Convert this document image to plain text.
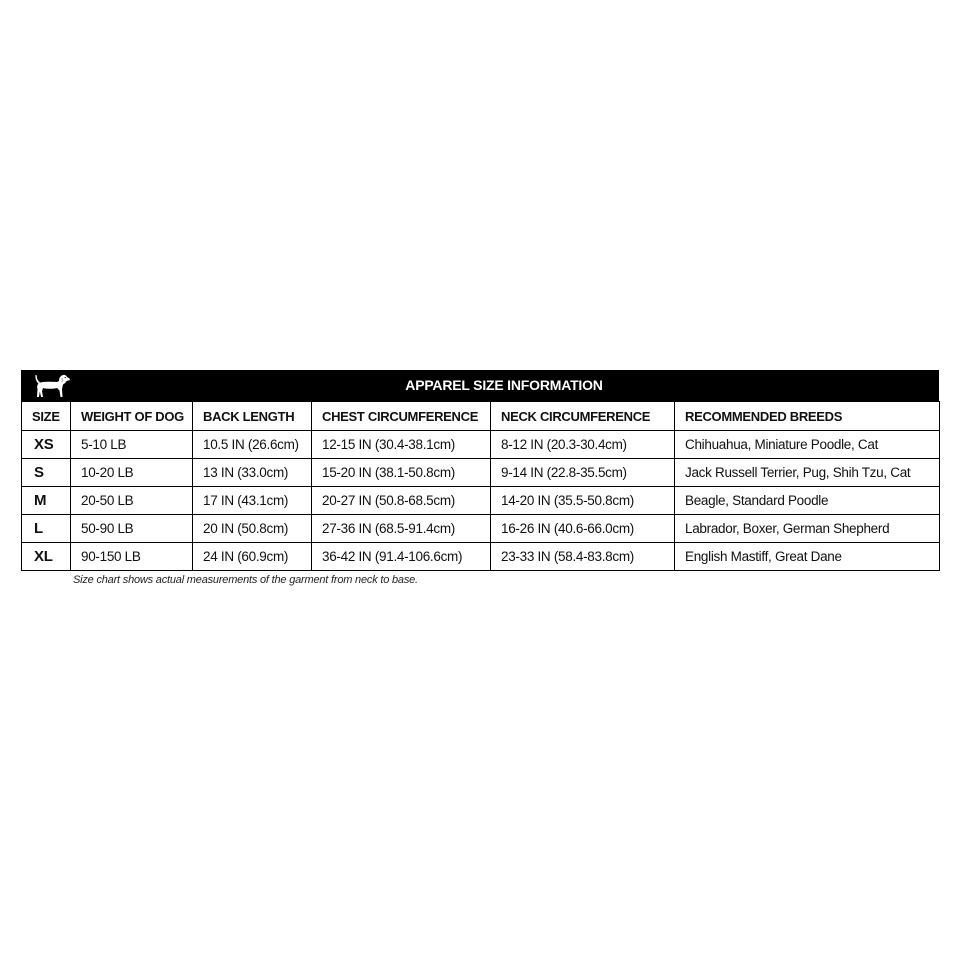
APPAREL SIZE INFORMATION
SIZE	WEIGHT OF DOG	BACK LENGTH	CHEST CIRCUMFERENCE	NECK CIRCUMFERENCE	RECOMMENDED BREEDS
XS	5-10 LB	10.5 IN (26.6cm)	12-15 IN (30.4-38.1cm)	8-12 IN (20.3-30.4cm)	Chihuahua, Miniature Poodle, Cat
S	10-20 LB	13 IN (33.0cm)	15-20 IN (38.1-50.8cm)	9-14 IN (22.8-35.5cm)	Jack Russell Terrier, Pug, Shih Tzu, Cat
M	20-50 LB	17 IN (43.1cm)	20-27 IN (50.8-68.5cm)	14-20 IN (35.5-50.8cm)	Beagle, Standard Poodle
L	50-90 LB	20 IN (50.8cm)	27-36 IN (68.5-91.4cm)	16-26 IN (40.6-66.0cm)	Labrador, Boxer, German Shepherd
XL	90-150 LB	24 IN (60.9cm)	36-42 IN (91.4-106.6cm)	23-33 IN (58.4-83.8cm)	English Mastiff, Great Dane
Size chart shows actual measurements of the garment from neck to base.
